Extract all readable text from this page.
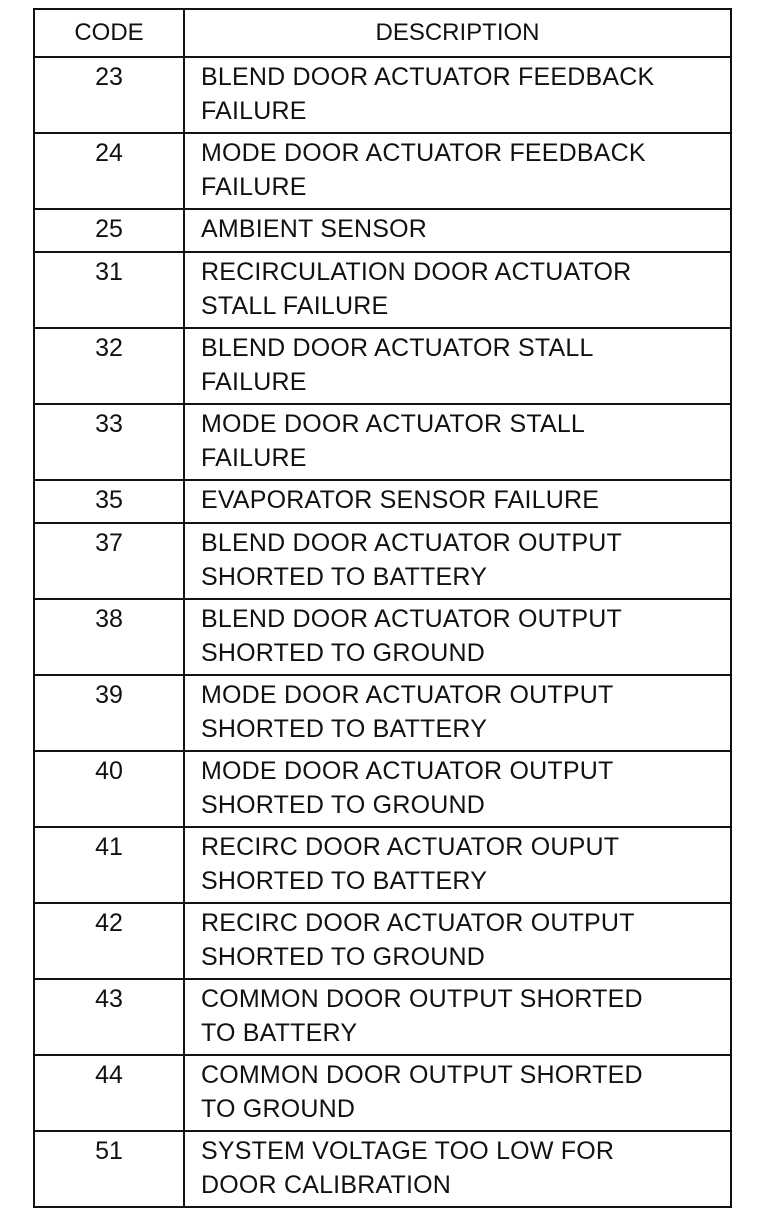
CODE	DESCRIPTION
23	BLEND DOOR ACTUATOR FEEDBACK
FAILURE
24	MODE DOOR ACTUATOR FEEDBACK
FAILURE
25	AMBIENT SENSOR
31	RECIRCULATION DOOR ACTUATOR
STALL FAILURE
32	BLEND DOOR ACTUATOR STALL
FAILURE
33	MODE DOOR ACTUATOR STALL
FAILURE
35	EVAPORATOR SENSOR FAILURE
37	BLEND DOOR ACTUATOR OUTPUT
SHORTED TO BATTERY
38	BLEND DOOR ACTUATOR OUTPUT
SHORTED TO GROUND
39	MODE DOOR ACTUATOR OUTPUT
SHORTED TO BATTERY
40	MODE DOOR ACTUATOR OUTPUT
SHORTED TO GROUND
41	RECIRC DOOR ACTUATOR OUPUT
SHORTED TO BATTERY
42	RECIRC DOOR ACTUATOR OUTPUT
SHORTED TO GROUND
43	COMMON DOOR OUTPUT SHORTED
TO BATTERY
44	COMMON DOOR OUTPUT SHORTED
TO GROUND
51	SYSTEM VOLTAGE TOO LOW FOR
DOOR CALIBRATION
